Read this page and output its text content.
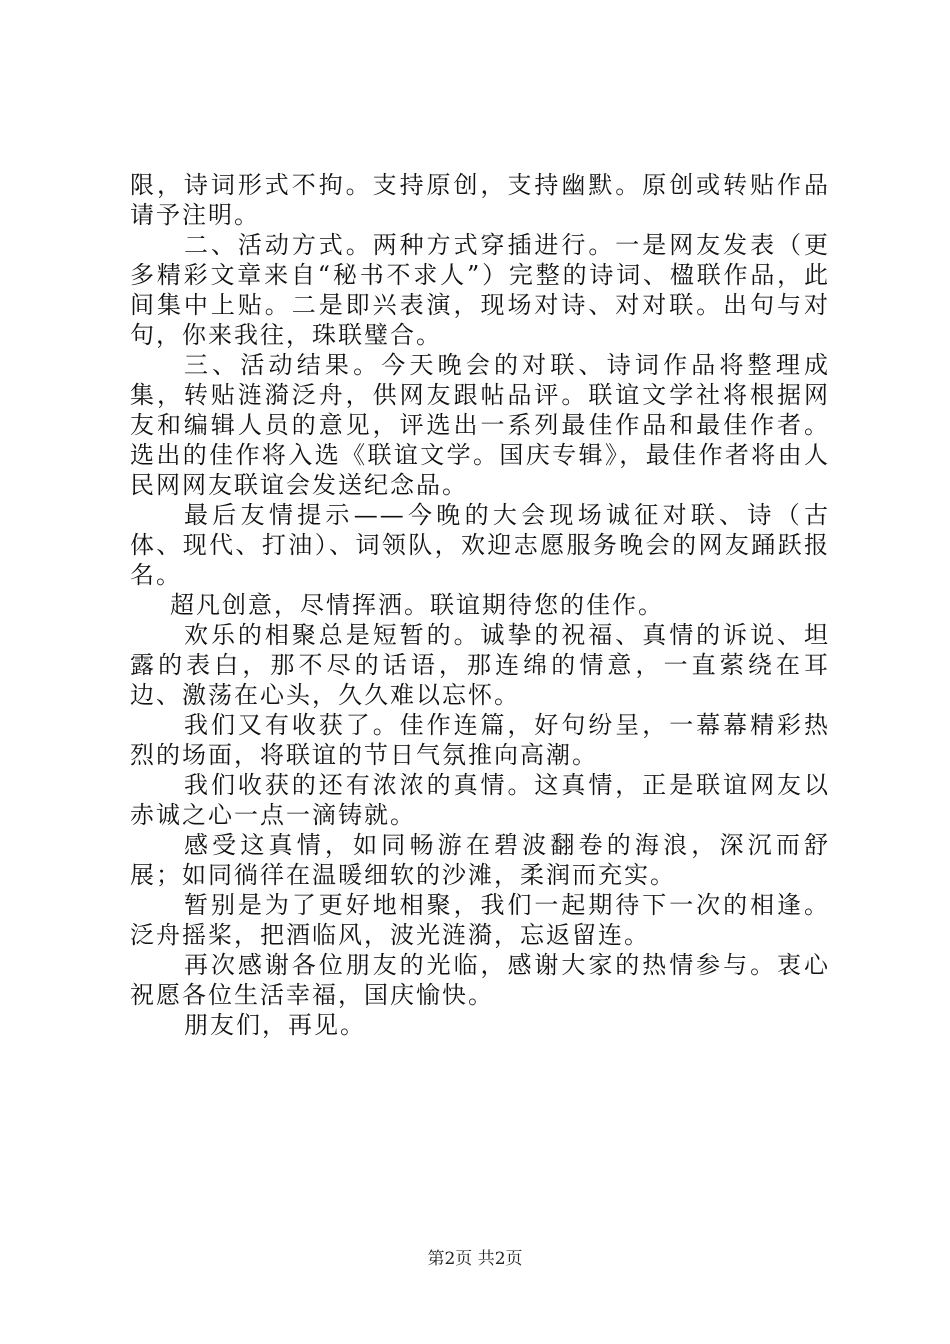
限，诗词形式不拘。支持原创，支持幽默。原创或转贴作品请予注明。

二、活动方式。两种方式穿插进行。一是网友发表（更多精彩文章来自“秘书不求人”）完整的诗词、楹联作品，此间集中上贴。二是即兴表演，现场对诗、对对联。出句与对句，你来我往，珠联璧合。

三、活动结果。今天晚会的对联、诗词作品将整理成集，转贴涟漪泛舟，供网友跟帖品评。联谊文学社将根据网友和编辑人员的意见，评选出一系列最佳作品和最佳作者。选出的佳作将入选《联谊文学。国庆专辑》，最佳作者将由人民网网友联谊会发送纪念品。

最后友情提示——今晚的大会现场诚征对联、诗（古体、现代、打油）、词领队，欢迎志愿服务晚会的网友踊跃报名。

超凡创意，尽情挥洒。联谊期待您的佳作。

欢乐的相聚总是短暂的。诚挚的祝福、真情的诉说、坦露的表白，那不尽的话语，那连绵的情意，一直萦绕在耳边、激荡在心头，久久难以忘怀。

我们又有收获了。佳作连篇，好句纷呈，一幕幕精彩热烈的场面，将联谊的节日气氛推向高潮。

我们收获的还有浓浓的真情。这真情，正是联谊网友以赤诚之心一点一滴铸就。

感受这真情，如同畅游在碧波翻卷的海浪，深沉而舒展；如同徜徉在温暖细软的沙滩，柔润而充实。

暂别是为了更好地相聚，我们一起期待下一次的相逢。泛舟摇桨，把酒临风，波光涟漪，忘返留连。

再次感谢各位朋友的光临，感谢大家的热情参与。衷心祝愿各位生活幸福，国庆愉快。

朋友们，再见。

第2页 共2页
